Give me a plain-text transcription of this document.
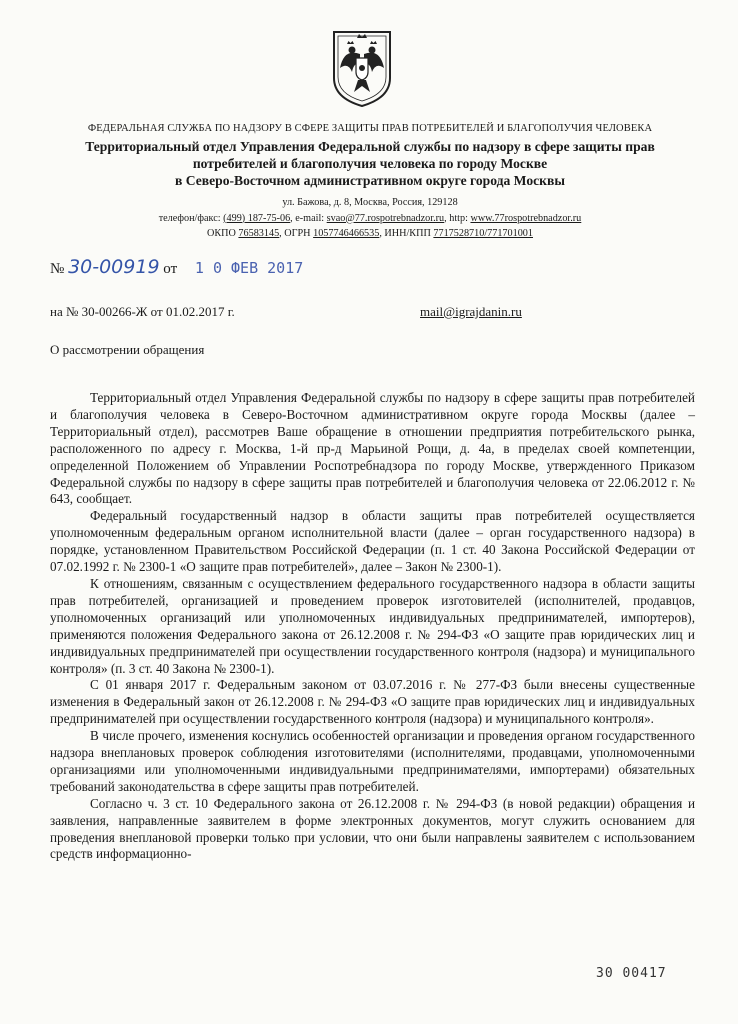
ФЕДЕРАЛЬНАЯ СЛУЖБА ПО НАДЗОРУ В СФЕРЕ ЗАЩИТЫ ПРАВ ПОТРЕБИТЕЛЕЙ И БЛАГОПОЛУЧИЯ ЧЕЛОВЕКА
Территориальный отдел Управления Федеральной службы по надзору в сфере защиты прав
потребителей и благополучия человека по городу Москве
в Северо-Восточном административном округе города Москвы
ул. Бажова, д. 8, Москва, Россия, 129128
телефон/факс: (499) 187-75-06, e-mail: svao@77.rospotrebnadzor.ru, http: www.77rospotrebnadzor.ru
ОКПО 76583145, ОГРН 1057746466535, ИНН/КПП 7717528710/771701001
№ 30-00919 от 1 0 ФЕВ 2017
на № 30-00266-Ж от 01.02.2017 г.	mail@igrajdanin.ru
О рассмотрении обращения

Территориальный отдел Управления Федеральной службы по надзору в сфере защиты прав потребителей и благополучия человека в Северо-Восточном административном округе города Москвы (далее – Территориальный отдел), рассмотрев Ваше обращение в отношении предприятия потребительского рынка, расположенного по адресу г. Москва, 1-й пр-д Марьиной Рощи, д. 4а, в пределах своей компетенции, определенной Положением об Управлении Роспотребнадзора по городу Москве, утвержденного Приказом Федеральной службы по надзору в сфере защиты прав потребителей и благополучия человека от 22.06.2012 г. № 643, сообщает.

Федеральный государственный надзор в области защиты прав потребителей осуществляется уполномоченным федеральным органом исполнительной власти (далее – орган государственного надзора) в порядке, установленном Правительством Российской Федерации (п. 1 ст. 40 Закона Российской Федерации от 07.02.1992 г. № 2300-1 «О защите прав потребителей», далее – Закон № 2300-1).

К отношениям, связанным с осуществлением федерального государственного надзора в области защиты прав потребителей, организацией и проведением проверок изготовителей (исполнителей, продавцов, уполномоченных организаций или уполномоченных индивидуальных предпринимателей, импортеров), применяются положения Федерального закона от 26.12.2008 г. № 294-ФЗ «О защите прав юридических лиц и индивидуальных предпринимателей при осуществлении государственного контроля (надзора) и муниципального контроля» (п. 3 ст. 40 Закона № 2300-1).

С 01 января 2017 г. Федеральным законом от 03.07.2016 г. № 277-ФЗ были внесены существенные изменения в Федеральный закон от 26.12.2008 г. № 294-ФЗ «О защите прав юридических лиц и индивидуальных предпринимателей при осуществлении государственного контроля (надзора) и муниципального контроля».

В числе прочего, изменения коснулись особенностей организации и проведения органом государственного надзора внеплановых проверок соблюдения изготовителями (исполнителями, продавцами, уполномоченными организациями или уполномоченными индивидуальными предпринимателями, импортерами) обязательных требований законодательства в сфере защиты прав потребителей.

Согласно ч. 3 ст. 10 Федерального закона от 26.12.2008 г. № 294-ФЗ (в новой редакции) обращения и заявления, направленные заявителем в форме электронных документов, могут служить основанием для проведения внеплановой проверки только при условии, что они были направлены заявителем с использованием средств информационно-

30 00417
